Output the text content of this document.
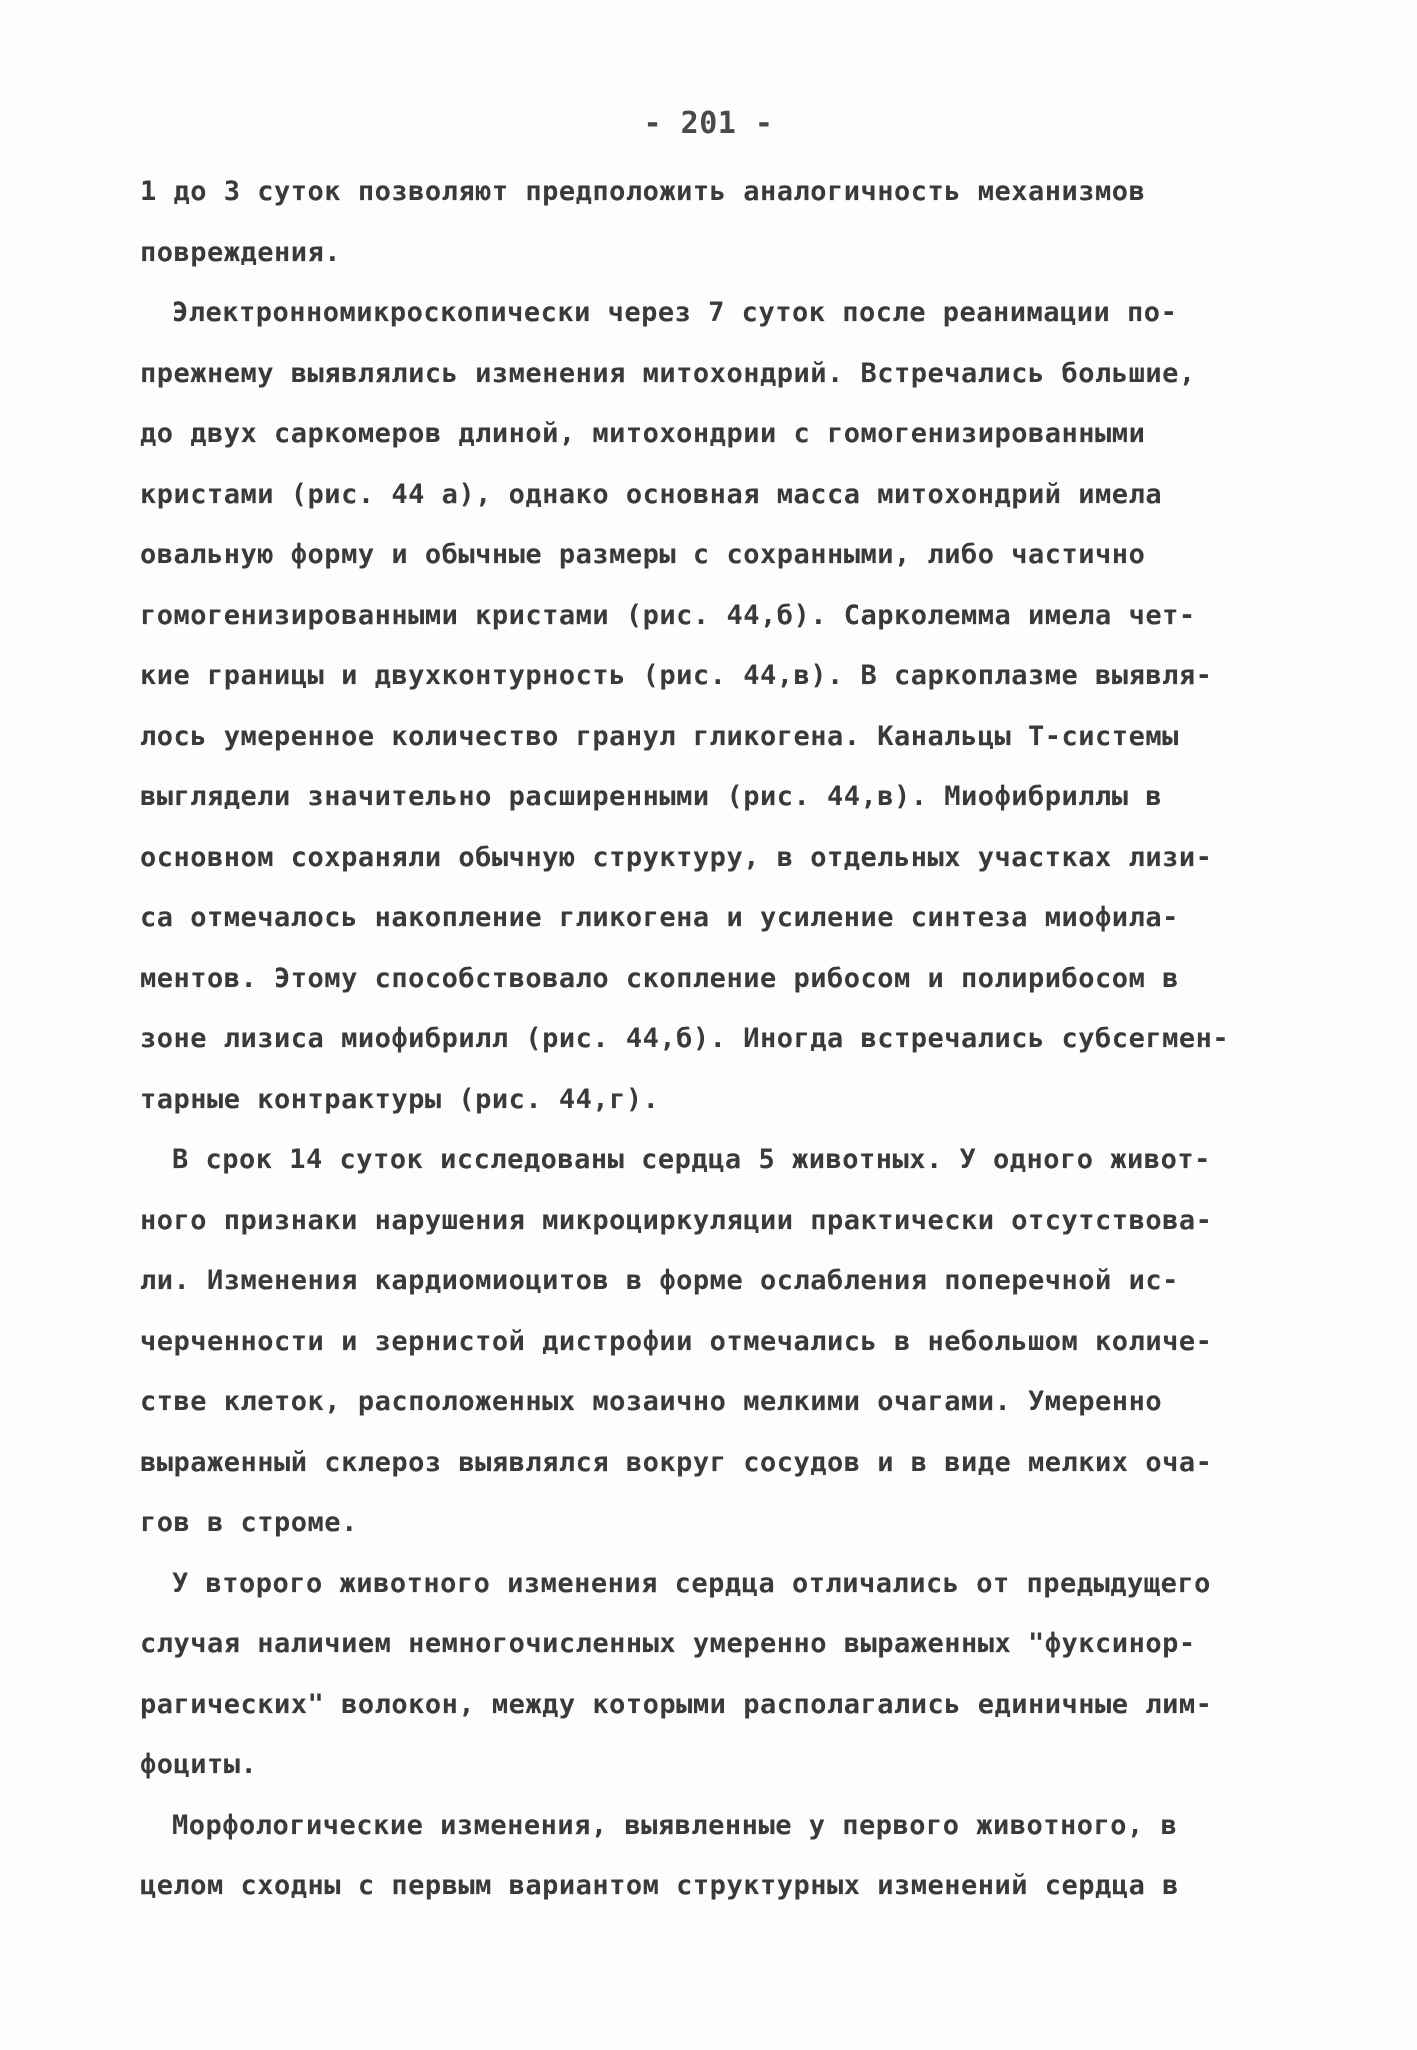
- 201 -
1 до 3 суток позволяют предположить аналогичность механизмов
повреждения.
Электронномикроскопически через 7 суток после реанимации по-
прежнему выявлялись изменения митохондрий. Встречались большие,
до двух саркомеров длиной, митохондрии с гомогенизированными
кристами (рис. 44 а), однако основная масса митохондрий имела
овальную форму и обычные размеры с сохранными, либо частично
гомогенизированными кристами (рис. 44,б). Сарколемма имела чет-
кие границы и двухконтурность (рис. 44,в). В саркоплазме выявля-
лось умеренное количество гранул гликогена. Канальцы Т-системы
выглядели значительно расширенными (рис. 44,в). Миофибриллы в
основном сохраняли обычную структуру, в отдельных участках лизи-
са отмечалось накопление гликогена и усиление синтеза миофила-
ментов. Этому способствовало скопление рибосом и полирибосом в
зоне лизиса миофибрилл (рис. 44,б). Иногда встречались субсегмен-
тарные контрактуры (рис. 44,г).
В срок 14 суток исследованы сердца 5 животных. У одного живот-
ного признаки нарушения микроциркуляции практически отсутствова-
ли. Изменения кардиомиоцитов в форме ослабления поперечной ис-
черченности и зернистой дистрофии отмечались в небольшом количе-
стве клеток, расположенных мозаично мелкими очагами. Умеренно
выраженный склероз выявлялся вокруг сосудов и в виде мелких оча-
гов в строме.
У второго животного изменения сердца отличались от предыдущего
случая наличием немногочисленных умеренно выраженных "фуксинор-
рагических" волокон, между которыми располагались единичные лим-
фоциты.
Морфологические изменения, выявленные у первого животного, в
целом сходны с первым вариантом структурных изменений сердца в
